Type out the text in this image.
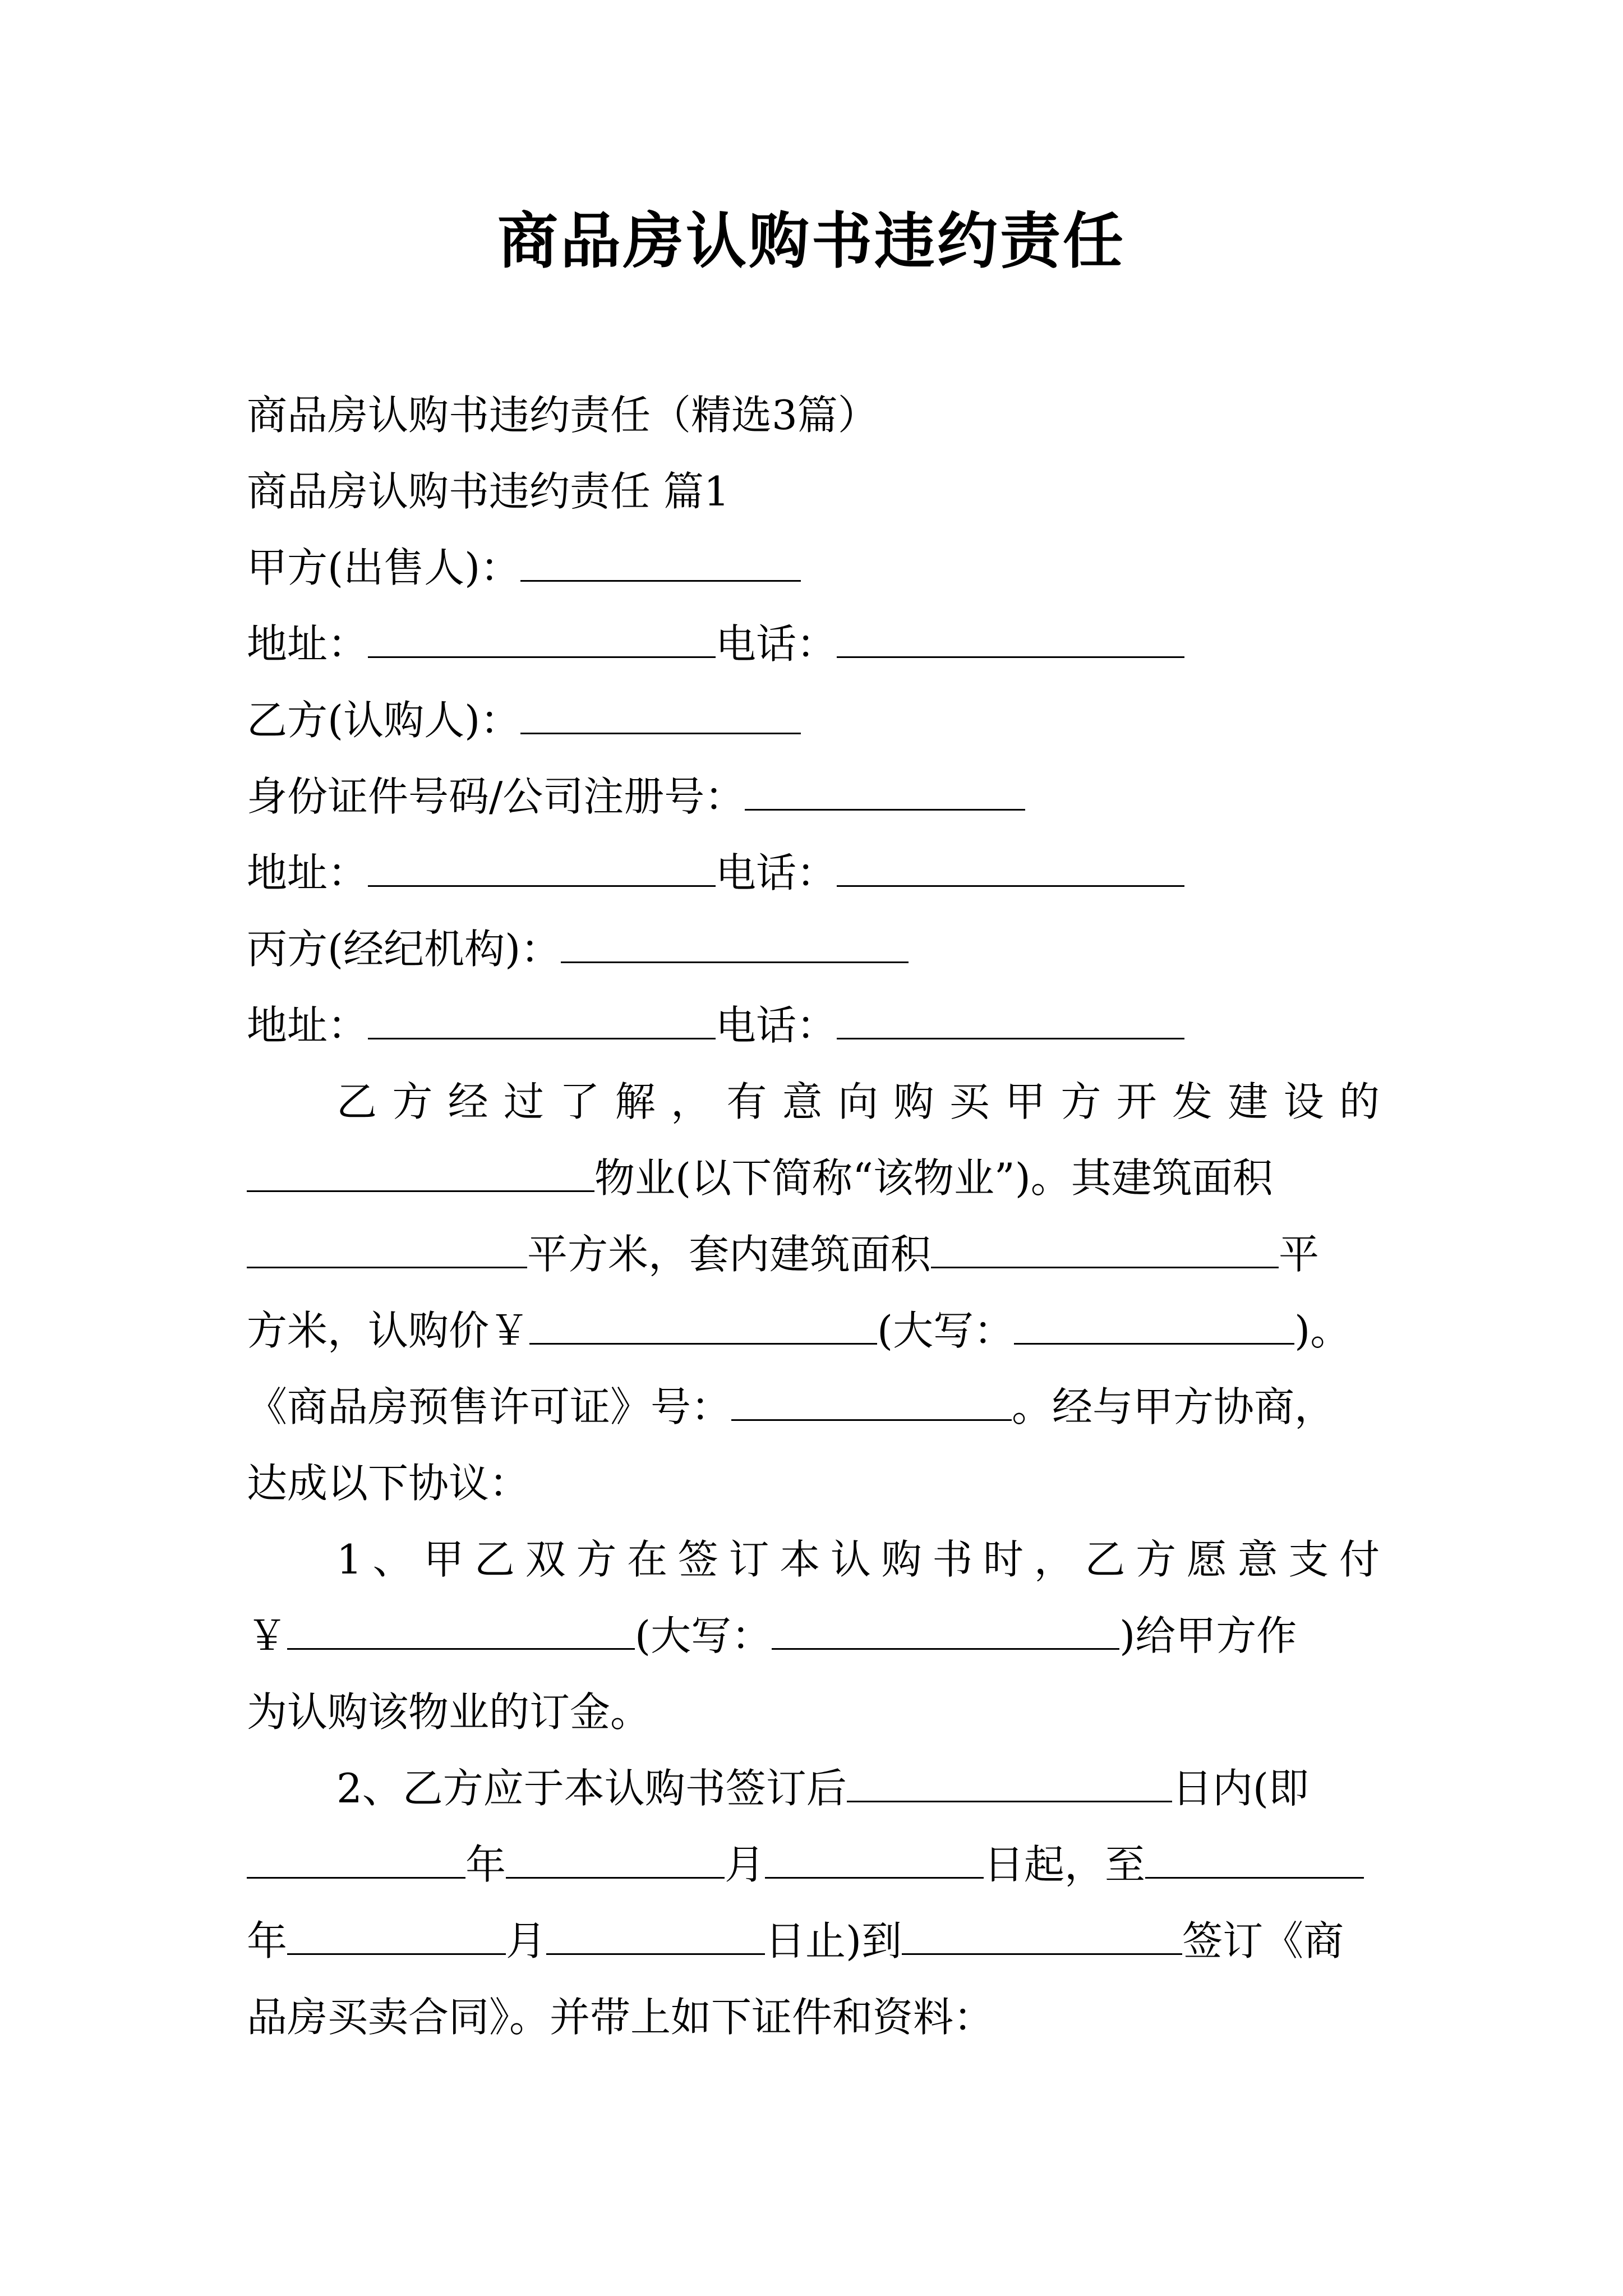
商品房认购书违约责任
商品房认购书违约责任（精选3篇）
商品房认购书违约责任 篇1
甲方(出售人)：
地址：	电话：
乙方(认购人)：
身份证件号码/公司注册号：
地址：	电话：
丙方(经纪机构)：
地址：	电话：
乙方经过了解，有意向购买甲方开发建设的
物业(以下简称“该物业”)。其建筑面积
平方米，套内建筑面积	平
方米，认购价￥	(大写：	)。
《商品房预售许可证》号：	。经与甲方协商，
达成以下协议：
1、甲乙双方在签订本认购书时，乙方愿意支付
￥	(大写：	)给甲方作
为认购该物业的订金。
2、乙方应于本认购书签订后	日内(即
年	月	日起，至
年	月	日止)到	签订《商
品房买卖合同》。并带上如下证件和资料：
